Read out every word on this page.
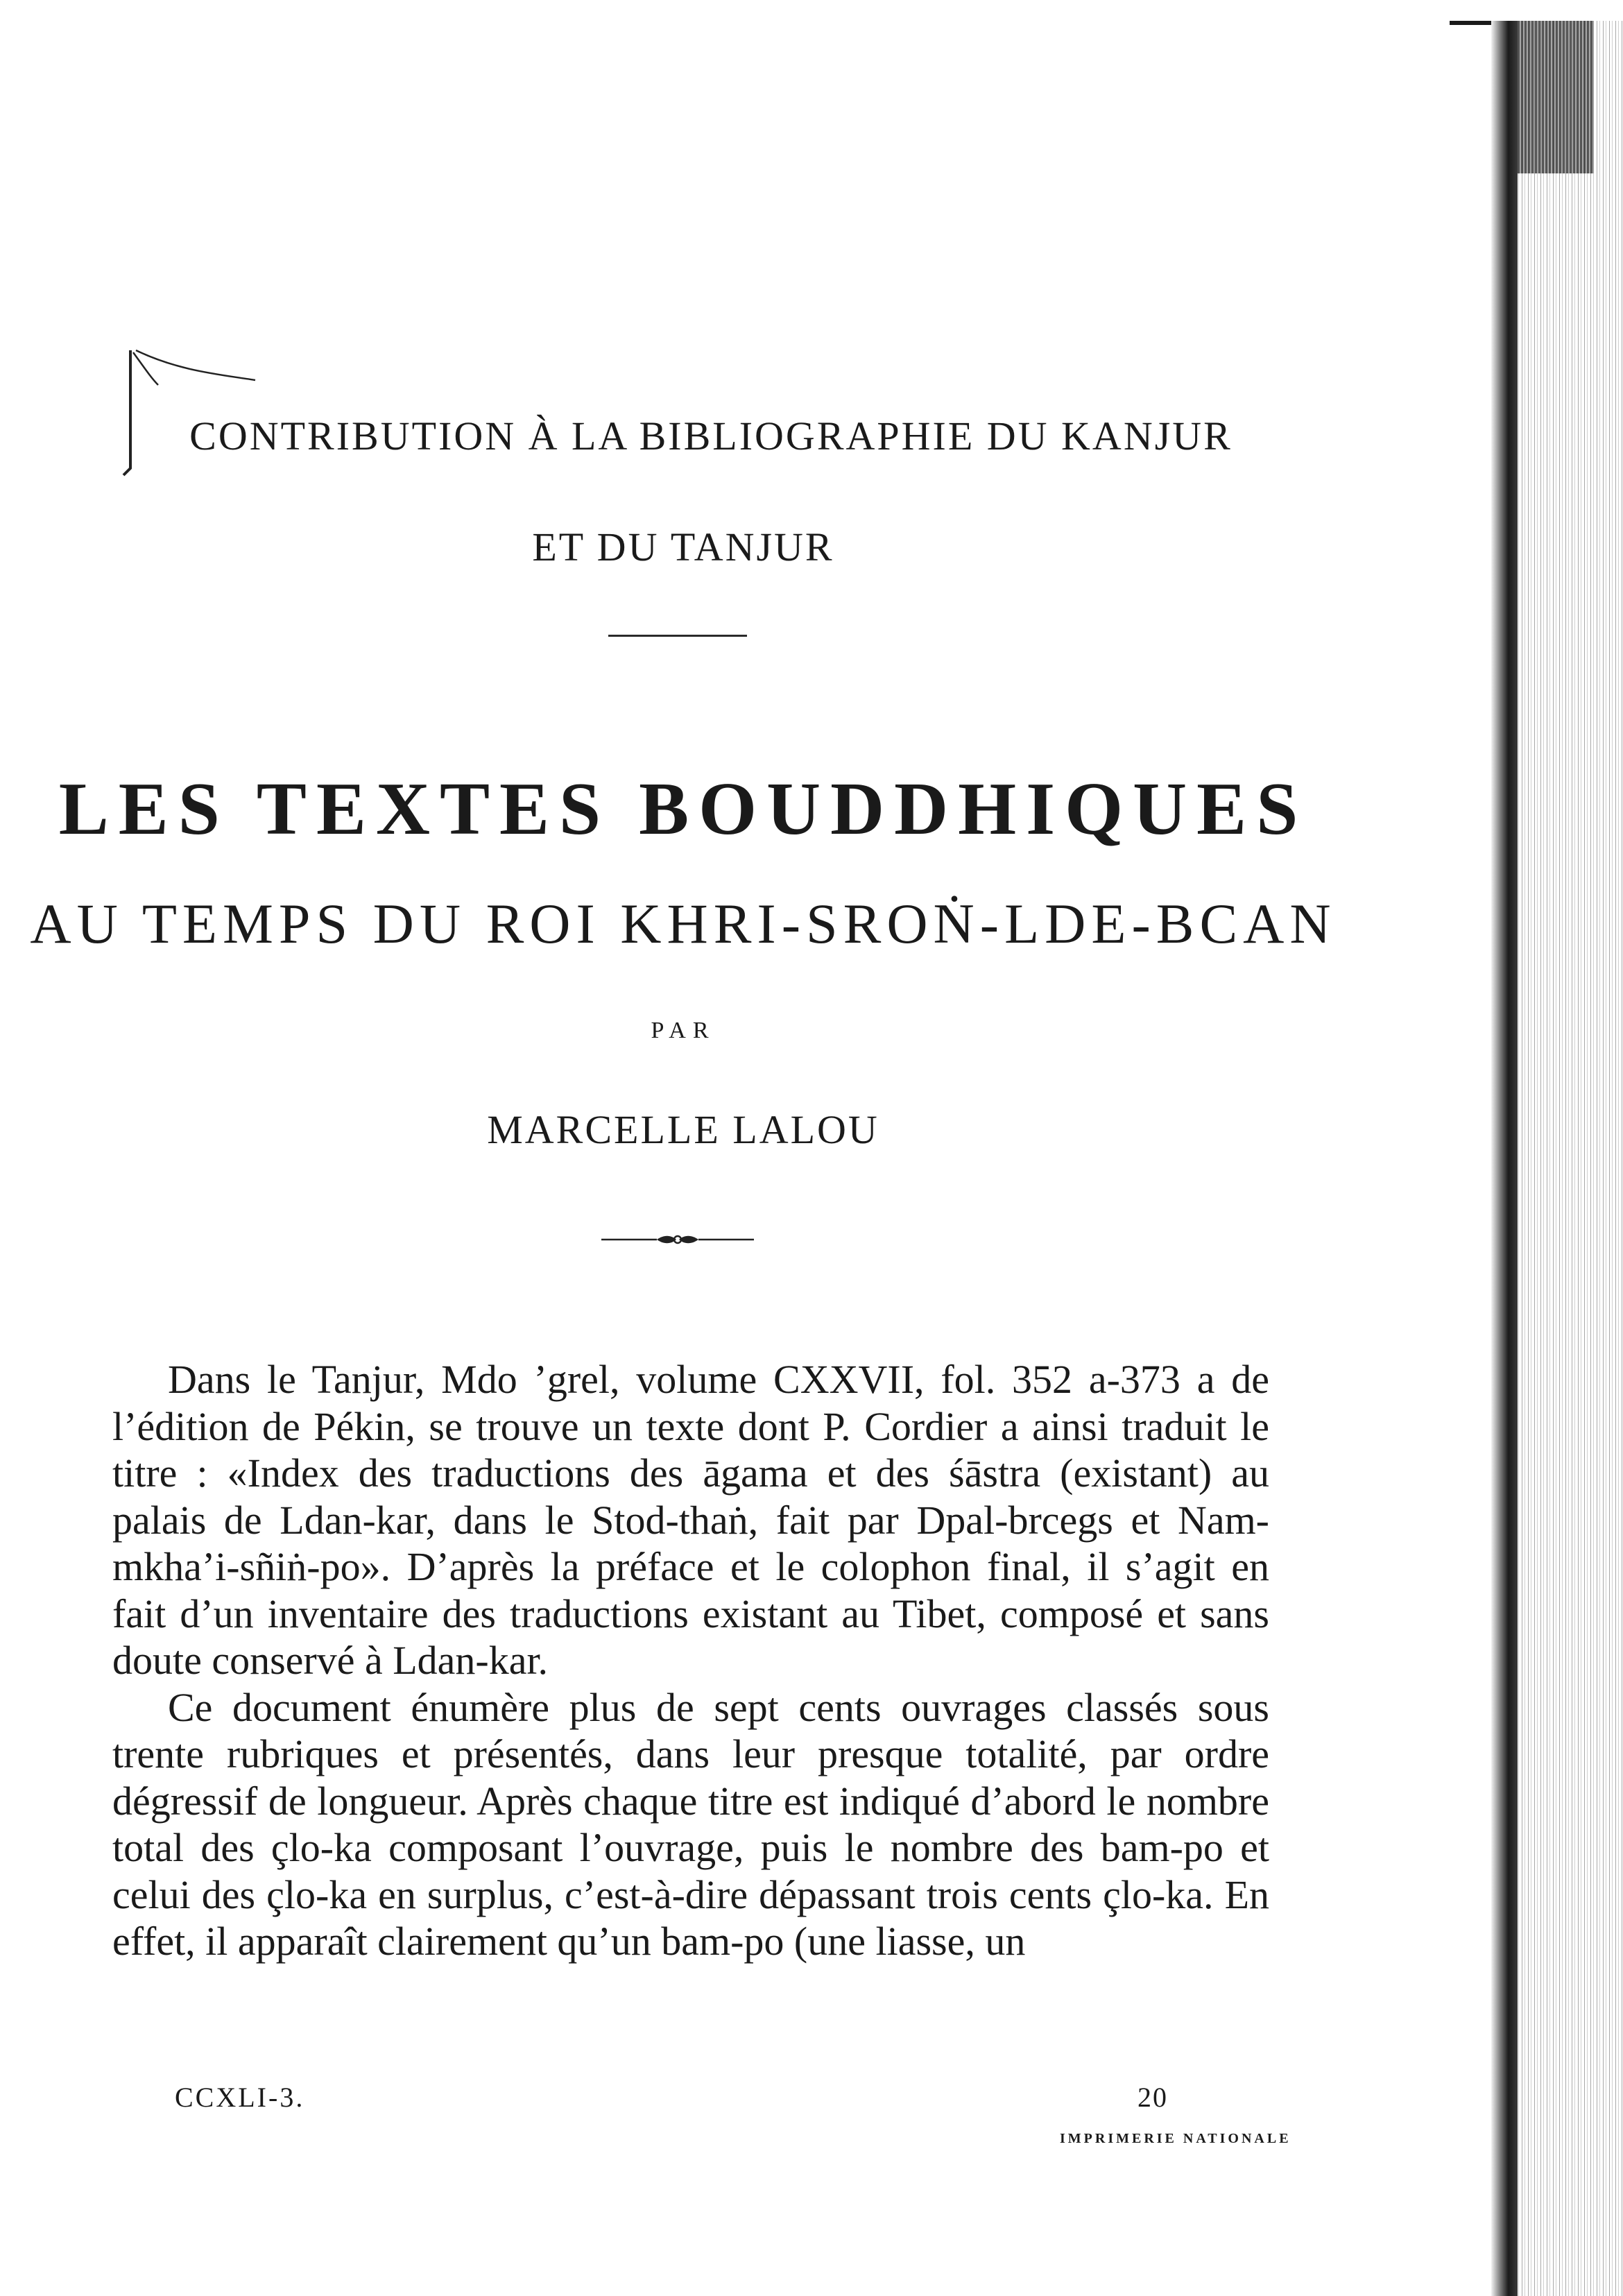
CONTRIBUTION À LA BIBLIOGRAPHIE DU KANJUR
ET DU TANJUR
LES TEXTES BOUDDHIQUES
AU TEMPS DU ROI KHRI-SROṄ-LDE-BCAN
PAR
MARCELLE LALOU

Dans le Tanjur, Mdo ’grel, volume CXXVII, fol. 352 a-373 a de l’édition de Pékin, se trouve un texte dont P. Cordier a ainsi traduit le titre : «Index des traductions des āgama et des śāstra (existant) au palais de Ldan-kar, dans le Stod-thaṅ, fait par Dpal-brcegs et Nam-mkha’i-sñiṅ-po». D’après la préface et le colophon final, il s’agit en fait d’un inventaire des traductions existant au Tibet, composé et sans doute conservé à Ldan-kar.

Ce document énumère plus de sept cents ouvrages classés sous trente rubriques et présentés, dans leur presque totalité, par ordre dégressif de longueur. Après chaque titre est indiqué d’abord le nombre total des çlo-ka composant l’ouvrage, puis le nombre des bam-po et celui des çlo-ka en surplus, c’est-à-dire dépassant trois cents çlo-ka. En effet, il apparaît clairement qu’un bam-po (une liasse, un

CCXLI-3.	20
IMPRIMERIE NATIONALE
